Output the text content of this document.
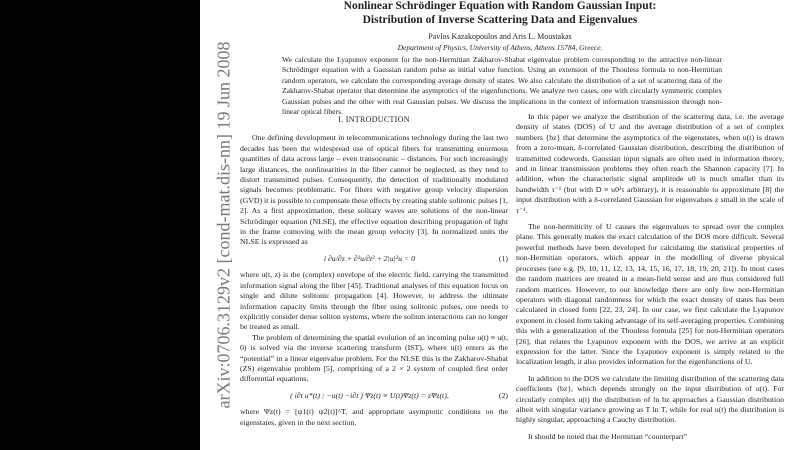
arXiv:0706.3129v2 [cond-mat.dis-nn] 19 Jun 2008
Nonlinear Schrödinger Equation with Random Gaussian Input:
Distribution of Inverse Scattering Data and Eigenvalues
Pavlos Kazakopoulos and Aris L. Moustakas
Department of Physics, University of Athens, Athens 15784, Greece.
We calculate the Lyapunov exponent for the non-Hermitian Zakharov-Shabat eigenvalue problem corresponding to the attractive non-linear Schrödinger equation with a Gaussian random pulse as initial value function. Using an extension of the Thouless formula to non-Hermitian random operators, we calculate the corresponding average density of states. We also calculate the distribution of a set of scattering data of the Zakharov-Shabat operator that determine the asymptotics of the eigenfunctions. We analyze two cases, one with circularly symmetric complex Gaussian pulses and the other with real Gaussian pulses. We discuss the implications in the context of information transmission through non-linear optical fibers.

I. INTRODUCTION

One defining development in telecommunications technology during the last two decades has been the widespread use of optical fibers for transmitting enormous quantities of data across large – even transoceanic – distances. For such increasingly large distances, the nonlinearities in the fiber cannot be neglected, as they tend to distort transmitted pulses. Consequently, the detection of traditionally modulated signals becomes problematic. For fibers with negative group velocity dispersion (GVD) it is possible to compensate these effects by creating stable solitonic pulses [1, 2]. As a first approximation, these solitary waves are solutions of the non-linear Schrödinger equation (NLSE), the effective equation describing propagation of light in the frame comoving with the mean group velocity [3]. In normalized units the NLSE is expressed as

i ∂u/∂z + ∂²u/∂t² + 2|u|²u = 0	(1)

where u(t, z) is the (complex) envelope of the electric field, carrying the transmitted information signal along the fiber [45]. Traditional analyses of this equation focus on single and dilute solitonic propagation [4]. However, to address the ultimate information capacity limits through the fiber using solitonic pulses, one needs to explicitly consider dense soliton systems, where the soliton interactions can no longer be treated as small.

The problem of determining the spatial evolution of an incoming pulse u(t) ≡ u(t, 0) is solved via the inverse scattering transform (IST), where u(t) enters as the “potential” in a linear eigenvalue problem. For the NLSE this is the Zakharov-Shabat (ZS) eigenvalue problem [5], comprising of a 2 × 2 system of coupled first order differential equations,

( i∂t u*(t) ; −u(t) −i∂t ) Ψz(t) ≡ U(t)Ψz(t) = zΨz(t),	(2)

where Ψz(t) = [ψ1(t) ψ2(t)]^T, and appropriate asymptotic conditions on the eigenstates, given in the next section.

In this paper we analyze the distribution of the scattering data, i.e. the average density of states (DOS) of U and the average distribution of a set of complex numbers {bz} that determine the asymptotics of the eigenstates, when u(t) is drawn from a zero-mean, δ-correlated Gaussian distribution, describing the distribution of transmitted codewords. Gaussian input signals are often used in information theory, and in linear transmission problems they often reach the Shannon capacity [7]. In addition, when the characteristic signal amplitude u0 is much smaller than its bandwidth τ⁻¹ (but with D ≡ u0²τ arbitrary), it is reasonable to approximate [8] the input distribution with a δ-correlated Gaussian for eigenvalues z small in the scale of τ⁻¹.

The non-hermiticity of U causes the eigenvalues to spread over the complex plane. This generally makes the exact calculation of the DOS more difficult. Several powerful methods have been developed for calculating the statistical properties of non-Hermitian operators, which appear in the modelling of diverse physical processes (see e.g. [9, 10, 11, 12, 13, 14, 15, 16, 17, 18, 19, 20, 21]). In most cases the random matrices are treated in a mean-field sense and are thus considered full random matrices. However, to our knowledge there are only few non-Hermitian operators with diagonal randomness for which the exact density of states has been calculated in closed form [22, 23, 24]. In our case, we first calculate the Lyapunov exponent in closed form taking advantage of its self-averaging properties. Combining this with a generalization of the Thouless formula [25] for non-Hermitian operators [26], that relates the Lyapunov exponent with the DOS, we arrive at an explicit expression for the latter. Since the Lyapunov exponent is simply related to the localization length, it also provides information for the eigenfunctions of U.

In addition to the DOS we calculate the limiting distribution of the scattering data coefficients {bz}, which depends strongly on the input distribution of u(t). For circularly complex u(t) the distribution of ln bz approaches a Gaussian distribution albeit with singular variance growing as T ln T, while for real u(t) the distribution is highly singular, approaching a Cauchy distribution.

It should be noted that the Hermitian “counterpart”
